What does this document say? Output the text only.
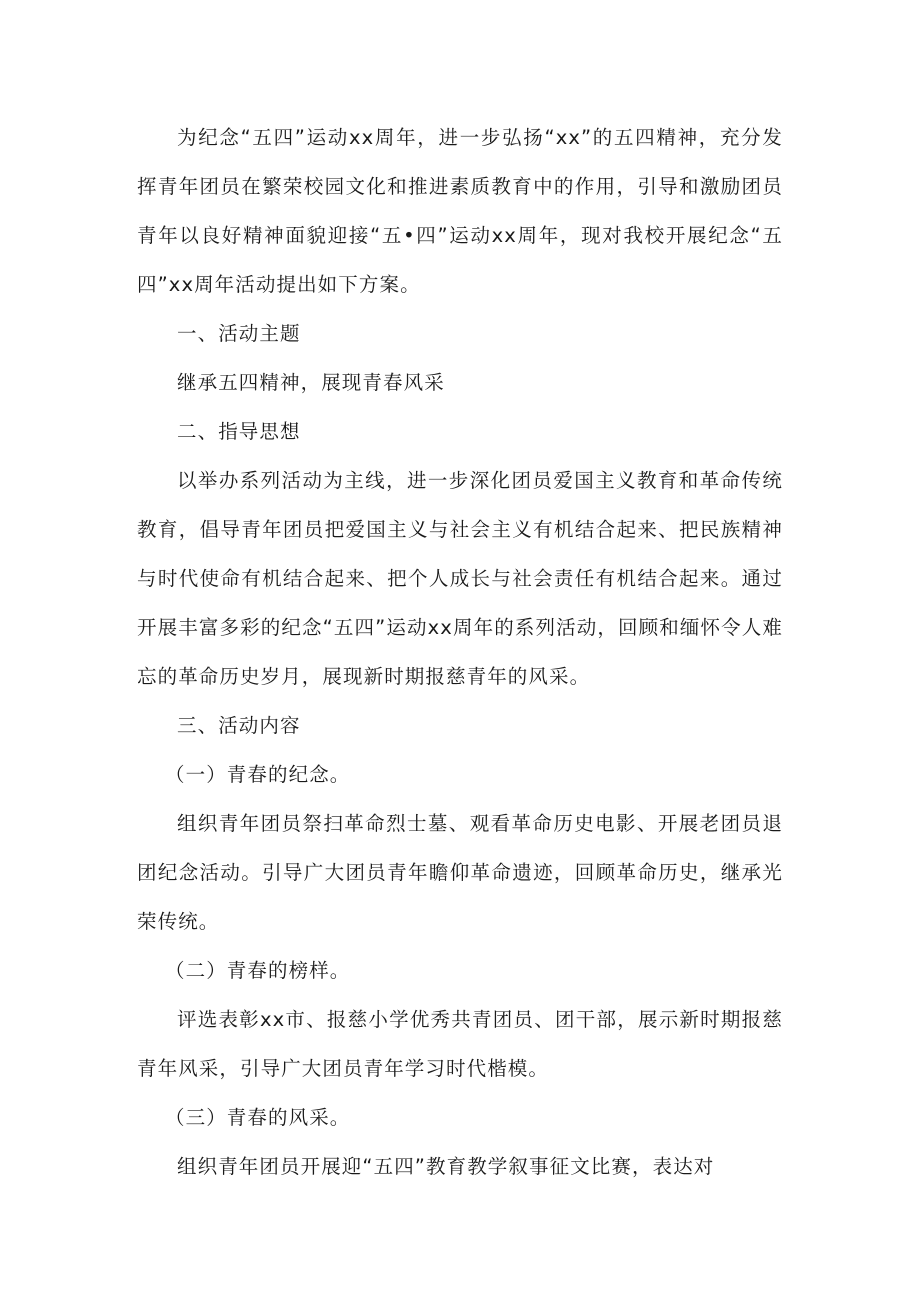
为纪念“五四”运动xx周年，进一步弘扬“xx”的五四精神，充分发挥青年团员在繁荣校园文化和推进素质教育中的作用，引导和激励团员青年以良好精神面貌迎接“五•四”运动xx周年，现对我校开展纪念“五四”xx周年活动提出如下方案。

一、活动主题

继承五四精神，展现青春风采

二、指导思想

以举办系列活动为主线，进一步深化团员爱国主义教育和革命传统教育，倡导青年团员把爱国主义与社会主义有机结合起来、把民族精神与时代使命有机结合起来、把个人成长与社会责任有机结合起来。通过开展丰富多彩的纪念“五四”运动xx周年的系列活动，回顾和缅怀令人难忘的革命历史岁月，展现新时期报慈青年的风采。

三、活动内容

（一）青春的纪念。

组织青年团员祭扫革命烈士墓、观看革命历史电影、开展老团员退团纪念活动。引导广大团员青年瞻仰革命遗迹，回顾革命历史，继承光荣传统。

（二）青春的榜样。

评选表彰xx市、报慈小学优秀共青团员、团干部，展示新时期报慈青年风采，引导广大团员青年学习时代楷模。

（三）青春的风采。

组织青年团员开展迎“五四”教育教学叙事征文比赛，表达对
